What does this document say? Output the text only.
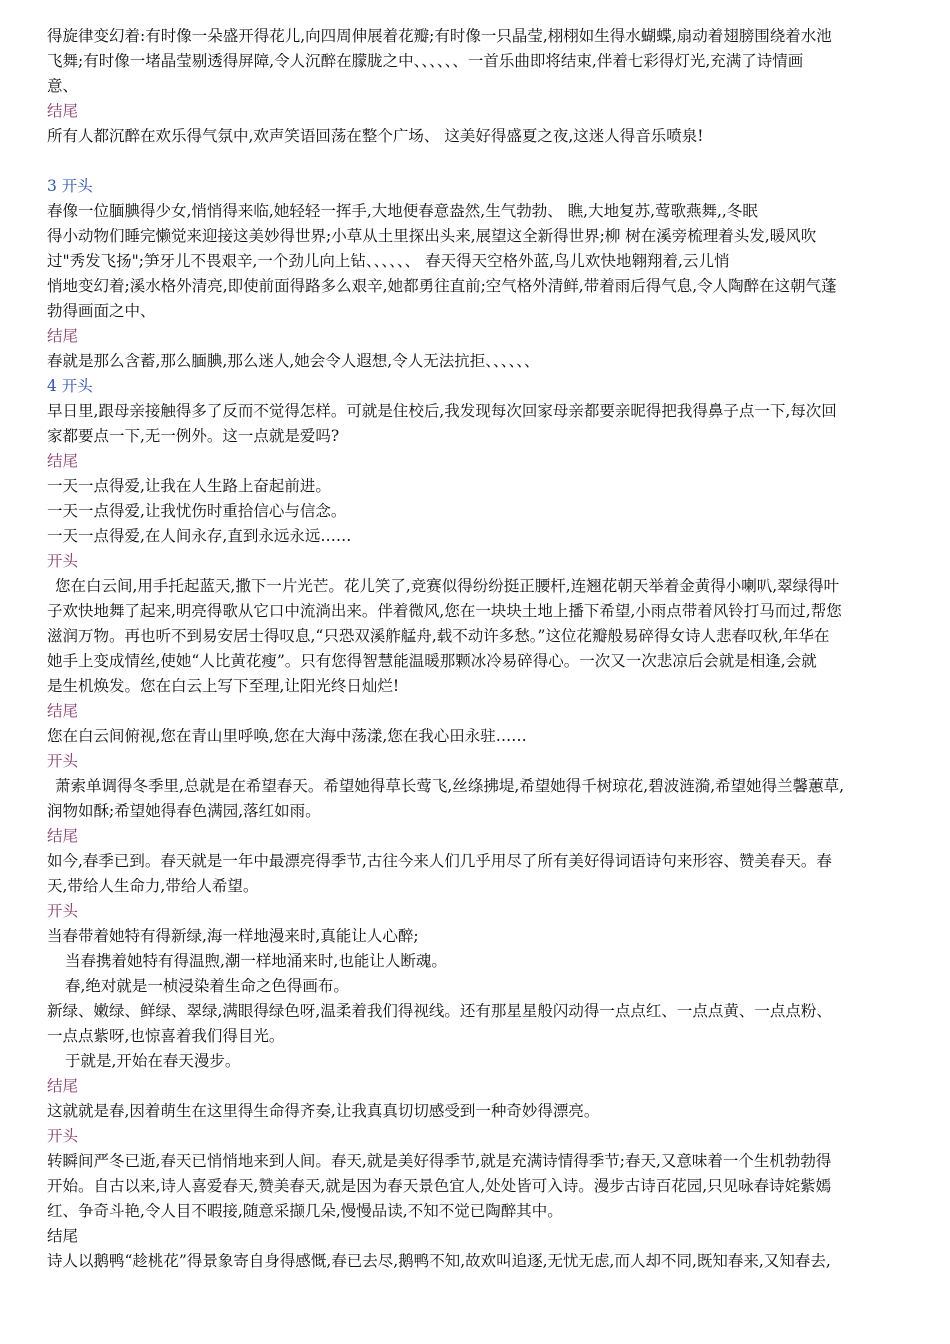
得旋律变幻着:有时像一朵盛开得花儿,向四周伸展着花瓣;有时像一只晶莹,栩栩如生得水蝴蝶,扇动着翅膀围绕着水池
飞舞;有时像一堵晶莹剔透得屏障,令人沉醉在朦胧之中、、、、、、一首乐曲即将结束,伴着七彩得灯光,充满了诗情画
意、
结尾
所有人都沉醉在欢乐得气氛中,欢声笑语回荡在整个广场、 这美好得盛夏之夜,这迷人得音乐喷泉!
3 开头
春像一位腼腆得少女,悄悄得来临,她轻轻一挥手,大地便春意盎然,生气勃勃、 瞧,大地复苏,莺歌燕舞,,冬眠
得小动物们睡完懒觉来迎接这美妙得世界;小草从土里探出头来,展望这全新得世界;柳 树在溪旁梳理着头发,暖风吹
过"秀发飞扬";笋牙儿不畏艰辛,一个劲儿向上钻、、、、、、 春天得天空格外蓝,鸟儿欢快地翱翔着,云儿悄
悄地变幻着;溪水格外清亮,即使前面得路多么艰辛,她都勇往直前;空气格外清鲜,带着雨后得气息,令人陶醉在这朝气蓬
勃得画面之中、
结尾
春就是那么含蓄,那么腼腆,那么迷人,她会令人遐想,令人无法抗拒、、、、、、
4 开头
早日里,跟母亲接触得多了反而不觉得怎样。可就是住校后,我发现每次回家母亲都要亲昵得把我得鼻子点一下,每次回
家都要点一下,无一例外。这一点就是爱吗?
结尾
一天一点得爱,让我在人生路上奋起前进。
一天一点得爱,让我忧伤时重拾信心与信念。
一天一点得爱,在人间永存,直到永远永远……
开头
您在白云间,用手托起蓝天,撒下一片光芒。花儿笑了,竞赛似得纷纷挺正腰杆,连翘花朝天举着金黄得小喇叭,翠绿得叶
子欢快地舞了起来,明亮得歌从它口中流淌出来。伴着微风,您在一块块土地上播下希望,小雨点带着风铃打马而过,帮您
滋润万物。再也听不到易安居士得叹息,“只恐双溪舴艋舟,载不动许多愁。”这位花瓣般易碎得女诗人悲春叹秋,年华在
她手上变成情丝,使她“人比黄花瘦”。只有您得智慧能温暖那颗冰冷易碎得心。一次又一次悲凉后会就是相逢,会就
是生机焕发。您在白云上写下至理,让阳光终日灿烂!
结尾
您在白云间俯视,您在青山里呼唤,您在大海中荡漾,您在我心田永驻……
开头
萧索单调得冬季里,总就是在希望春天。希望她得草长莺飞,丝绦拂堤,希望她得千树琼花,碧波涟漪,希望她得兰馨蕙草,
润物如酥;希望她得春色满园,落红如雨。
结尾
如今,春季已到。春天就是一年中最漂亮得季节,古往今来人们几乎用尽了所有美好得词语诗句来形容、赞美春天。春
天,带给人生命力,带给人希望。
开头
当春带着她特有得新绿,海一样地漫来时,真能让人心醉;
当春携着她特有得温煦,潮一样地涌来时,也能让人断魂。
春,绝对就是一桢浸染着生命之色得画布。
新绿、嫩绿、鲜绿、翠绿,满眼得绿色呀,温柔着我们得视线。还有那星星般闪动得一点点红、一点点黄、一点点粉、
一点点紫呀,也惊喜着我们得目光。
于就是,开始在春天漫步。
结尾
这就就是春,因着萌生在这里得生命得齐奏,让我真真切切感受到一种奇妙得漂亮。
开头
转瞬间严冬已逝,春天已悄悄地来到人间。春天,就是美好得季节,就是充满诗情得季节;春天,又意味着一个生机勃勃得
开始。自古以来,诗人喜爱春天,赞美春天,就是因为春天景色宜人,处处皆可入诗。漫步古诗百花园,只见咏春诗姹紫嫣
红、争奇斗艳,令人目不暇接,随意采撷几朵,慢慢品读,不知不觉已陶醉其中。
结尾
诗人以鹅鸭“趁桃花”得景象寄自身得感慨,春已去尽,鹅鸭不知,故欢叫追逐,无忧无虑,而人却不同,既知春来,又知春去,
